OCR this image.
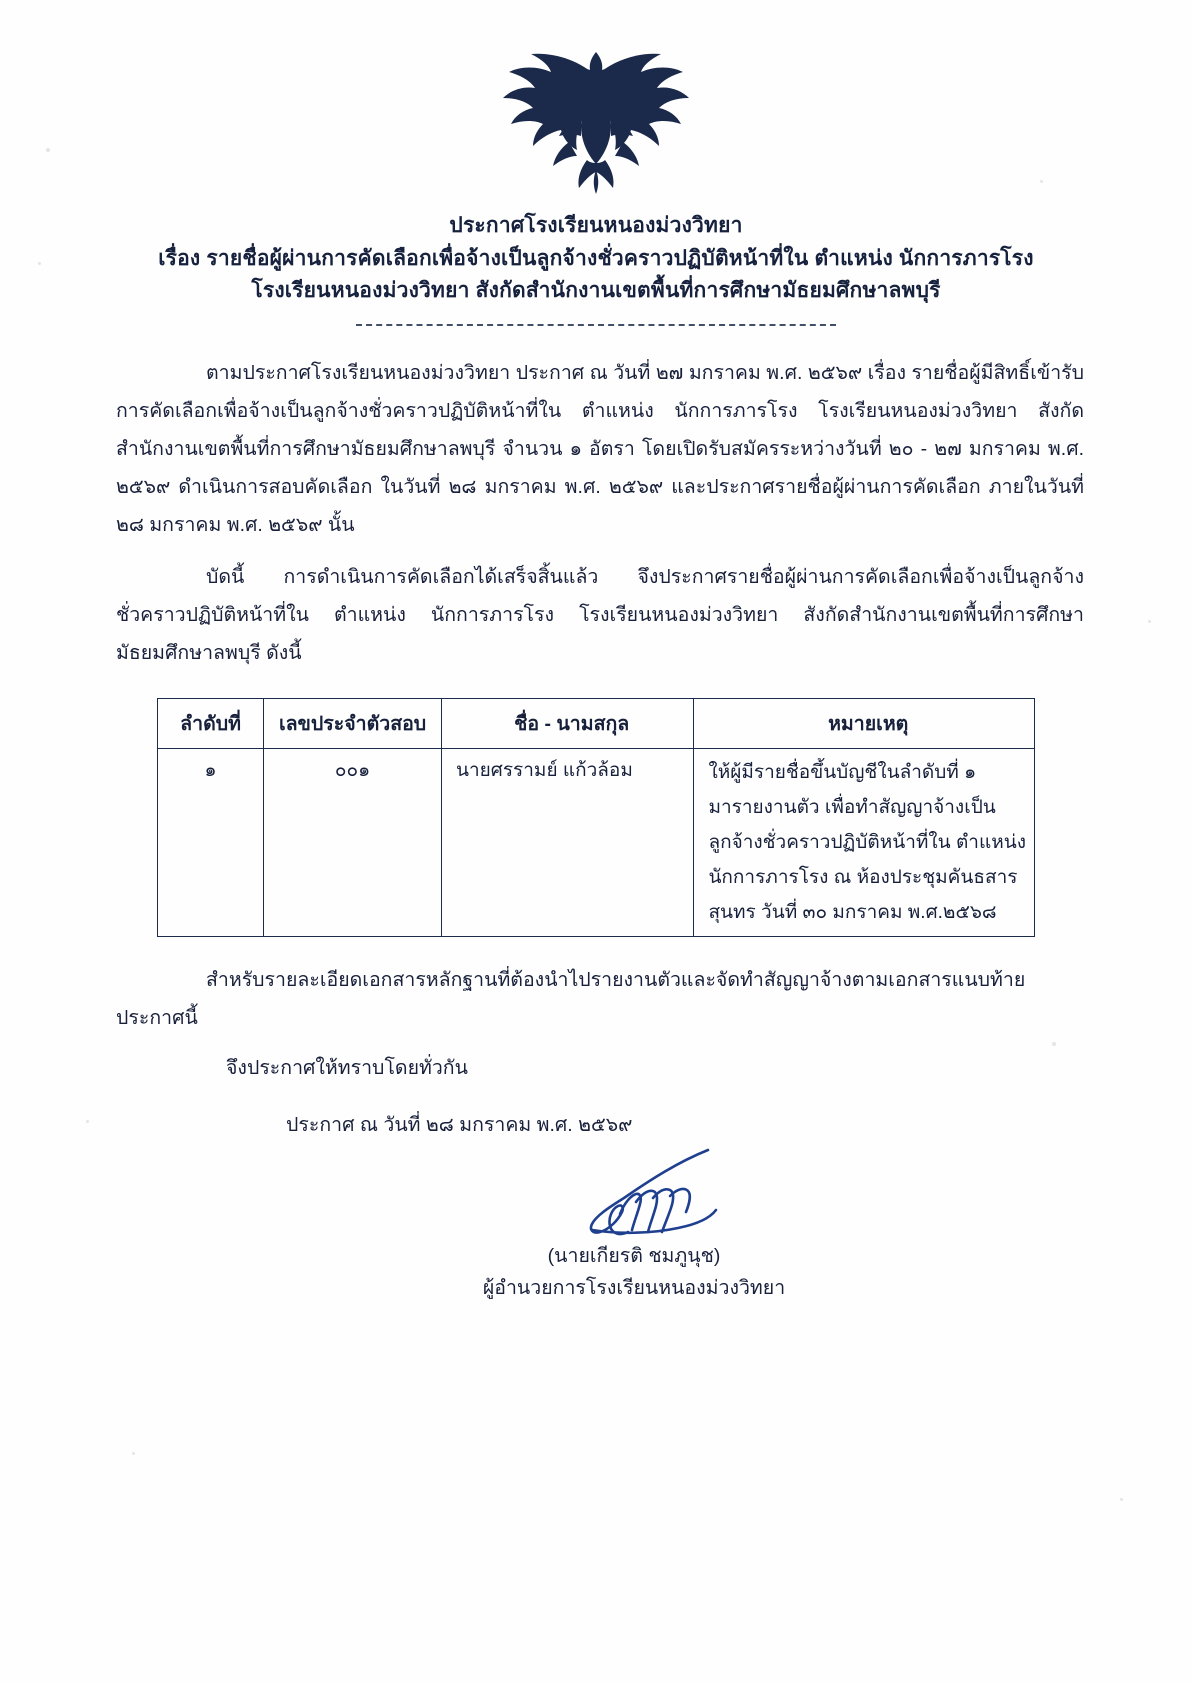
ประกาศโรงเรียนหนองม่วงวิทยา
เรื่อง รายชื่อผู้ผ่านการคัดเลือกเพื่อจ้างเป็นลูกจ้างชั่วคราวปฏิบัติหน้าที่ใน ตำแหน่ง นักการภารโรง
โรงเรียนหนองม่วงวิทยา สังกัดสำนักงานเขตพื้นที่การศึกษามัธยมศึกษาลพบุรี

ตามประกาศโรงเรียนหนองม่วงวิทยา ประกาศ ณ วันที่ ๒๗ มกราคม พ.ศ. ๒๕๖๙ เรื่อง รายชื่อผู้มีสิทธิ์เข้ารับการคัดเลือกเพื่อจ้างเป็นลูกจ้างชั่วคราวปฏิบัติหน้าที่ใน ตำแหน่ง นักการภารโรง โรงเรียนหนองม่วงวิทยา สังกัดสำนักงานเขตพื้นที่การศึกษามัธยมศึกษาลพบุรี จำนวน ๑ อัตรา โดยเปิดรับสมัครระหว่างวันที่ ๒๐ - ๒๗ มกราคม พ.ศ. ๒๕๖๙ ดำเนินการสอบคัดเลือก ในวันที่ ๒๘ มกราคม พ.ศ. ๒๕๖๙ และประกาศรายชื่อผู้ผ่านการคัดเลือก ภายในวันที่ ๒๘ มกราคม พ.ศ. ๒๕๖๙ นั้น

บัดนี้ การดำเนินการคัดเลือกได้เสร็จสิ้นแล้ว จึงประกาศรายชื่อผู้ผ่านการคัดเลือกเพื่อจ้างเป็นลูกจ้างชั่วคราวปฏิบัติหน้าที่ใน ตำแหน่ง นักการภารโรง โรงเรียนหนองม่วงวิทยา สังกัดสำนักงานเขตพื้นที่การศึกษามัธยมศึกษาลพบุรี ดังนี้

ลำดับที่	เลขประจำตัวสอบ	ชื่อ - นามสกุล	หมายเหตุ
๑	๐๐๑	นายศรรามย์ แก้วล้อม	ให้ผู้มีรายชื่อขึ้นบัญชีในลำดับที่ ๑
มารายงานตัว เพื่อทำสัญญาจ้างเป็น
ลูกจ้างชั่วคราวปฏิบัติหน้าที่ใน ตำแหน่ง
นักการภารโรง ณ ห้องประชุมคันธสาร
สุนทร วันที่ ๓๐ มกราคม พ.ศ.๒๕๖๘

สำหรับรายละเอียดเอกสารหลักฐานที่ต้องนำไปรายงานตัวและจัดทำสัญญาจ้างตามเอกสารแนบท้ายประกาศนี้

จึงประกาศให้ทราบโดยทั่วกัน
ประกาศ ณ วันที่ ๒๘ มกราคม พ.ศ. ๒๕๖๙
(นายเกียรติ ชมภูนุช)
ผู้อำนวยการโรงเรียนหนองม่วงวิทยา
